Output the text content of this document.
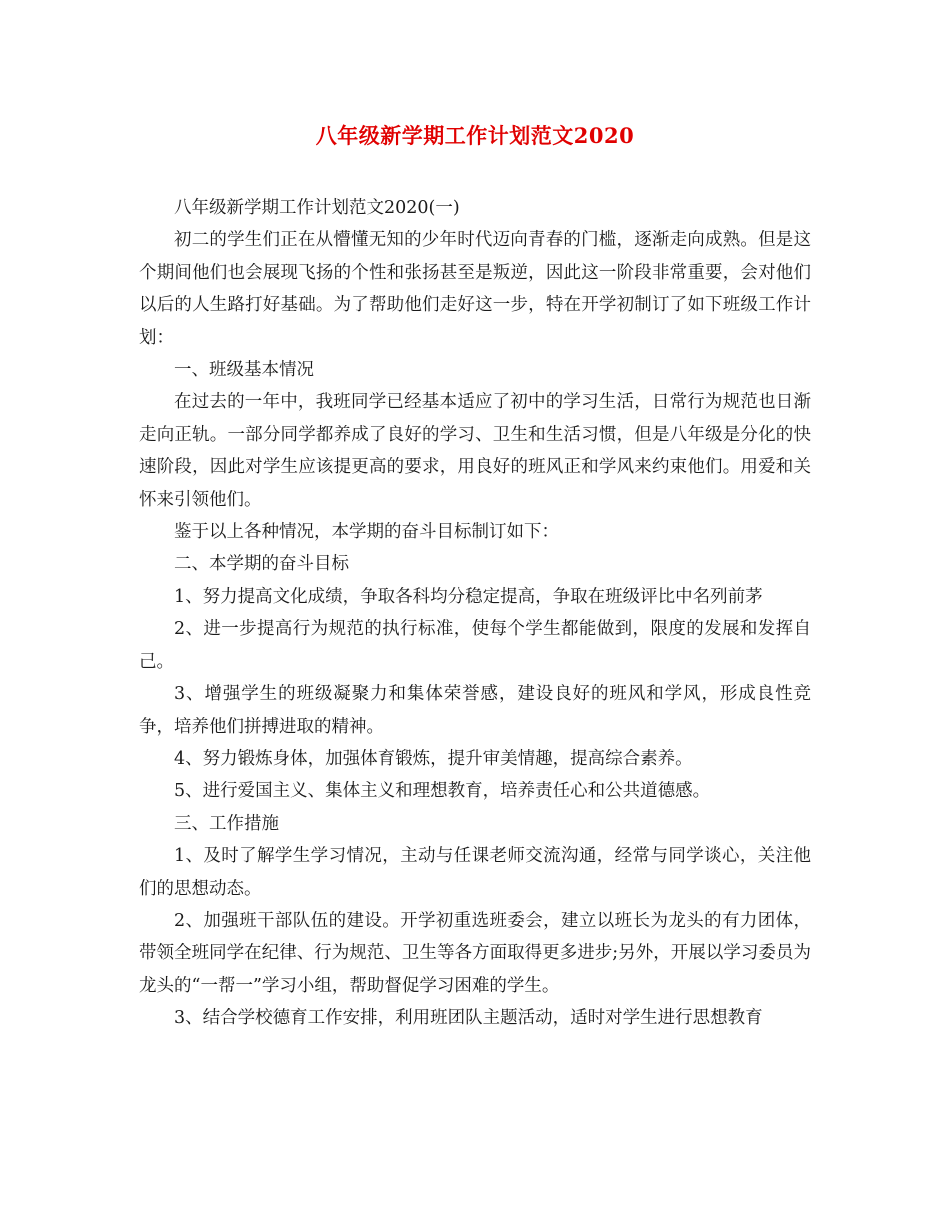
八年级新学期工作计划范文2020

八年级新学期工作计划范文2020(一)

初二的学生们正在从懵懂无知的少年时代迈向青春的门槛，逐渐走向成熟。但是这个期间他们也会展现飞扬的个性和张扬甚至是叛逆，因此这一阶段非常重要，会对他们以后的人生路打好基础。为了帮助他们走好这一步，特在开学初制订了如下班级工作计划：

一、班级基本情况

在过去的一年中，我班同学已经基本适应了初中的学习生活，日常行为规范也日渐走向正轨。一部分同学都养成了良好的学习、卫生和生活习惯，但是八年级是分化的快速阶段，因此对学生应该提更高的要求，用良好的班风正和学风来约束他们。用爱和关怀来引领他们。

鉴于以上各种情况，本学期的奋斗目标制订如下：

二、本学期的奋斗目标

1、努力提高文化成绩，争取各科均分稳定提高，争取在班级评比中名列前茅

2、进一步提高行为规范的执行标准，使每个学生都能做到，限度的发展和发挥自己。

3、增强学生的班级凝聚力和集体荣誉感，建设良好的班风和学风，形成良性竞争，培养他们拼搏进取的精神。

4、努力锻炼身体，加强体育锻炼，提升审美情趣，提高综合素养。

5、进行爱国主义、集体主义和理想教育，培养责任心和公共道德感。

三、工作措施

1、及时了解学生学习情况，主动与任课老师交流沟通，经常与同学谈心，关注他们的思想动态。

2、加强班干部队伍的建设。开学初重选班委会，建立以班长为龙头的有力团体，带领全班同学在纪律、行为规范、卫生等各方面取得更多进步;另外，开展以学习委员为龙头的“一帮一”学习小组，帮助督促学习困难的学生。

3、结合学校德育工作安排，利用班团队主题活动，适时对学生进行思想教育
